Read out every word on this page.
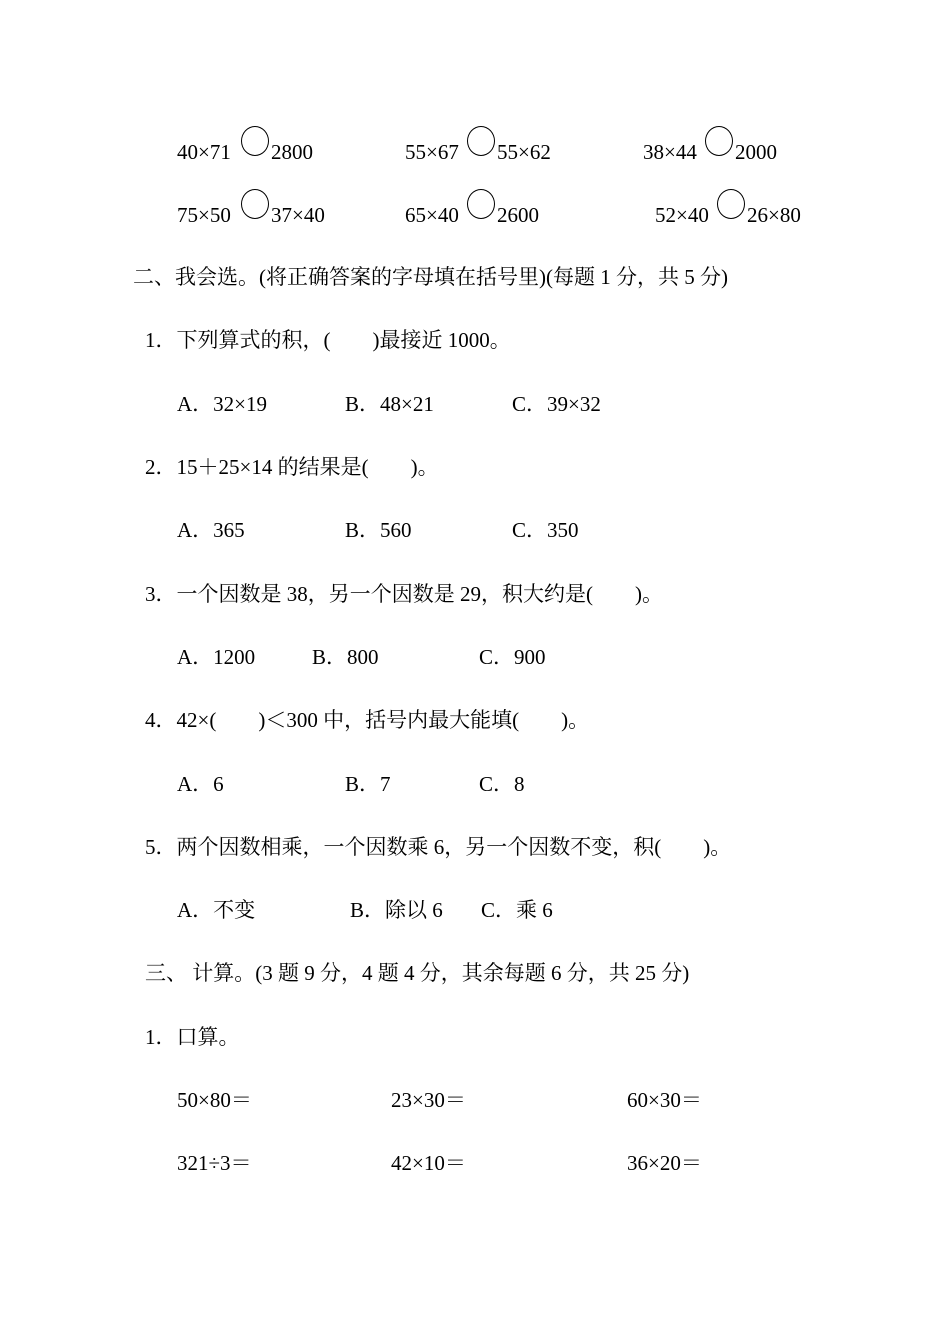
40×71 2800	55×67 55×62	38×44 2000
75×50 37×40	65×40 2600	52×40 26×80
二、我会选。(将正确答案的字母填在括号里)(每题 1 分，共 5 分)
1．下列算式的积，(　　)最接近 1000。
A．32×19	B．48×21	C．39×32
2．15＋25×14 的结果是(　　)。
A．365	B．560	C．350
3．一个因数是 38，另一个因数是 29，积大约是(　　)。
A．1200	B．800	C．900
4．42×(　　)＜300 中，括号内最大能填(　　)。
A．6	B．7	C．8
5．两个因数相乘，一个因数乘 6，另一个因数不变，积(　　)。
A．不变	B．除以 6 C．乘 6
三、 计算。(3 题 9 分，4 题 4 分，其余每题 6 分，共 25 分)
1．口算。
50×80＝	23×30＝	60×30＝
321÷3＝	42×10＝	36×20＝
